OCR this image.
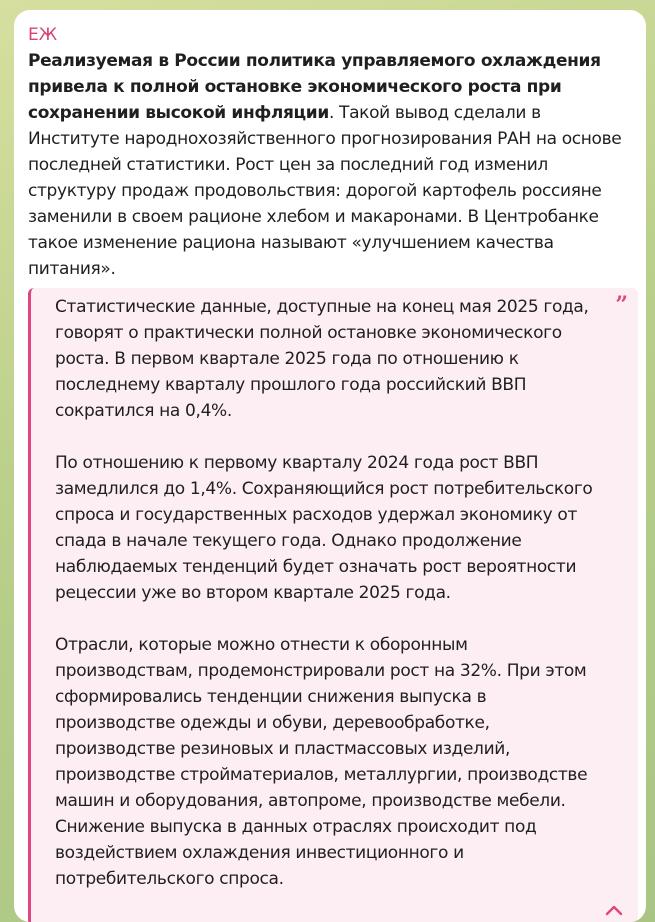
ЕЖ

Реализуемая в России политика управляемого охлаждения привела к полной остановке экономического роста при сохранении высокой инфляции. Такой вывод сделали в Институте народнохозяйственного прогнозирования РАН на основе последней статистики. Рост цен за последний год изменил структуру продаж продовольствия: дорогой картофель россияне заменили в своем рационе хлебом и макаронами. В Центробанке такое изменение рациона называют «улучшением качества питания».

”

Статистические данные, доступные на конец мая 2025 года, говорят о практически полной остановке экономического роста. В первом квартале 2025 года по отношению к последнему кварталу прошлого года российский ВВП сократился на 0,4%.

По отношению к первому кварталу 2024 года рост ВВП замедлился до 1,4%. Сохраняющийся рост потребительского спроса и государственных расходов удержал экономику от спада в начале текущего года. Однако продолжение наблюдаемых тенденций будет означать рост вероятности рецессии уже во втором квартале 2025 года.

Отрасли, которые можно отнести к оборонным производствам, продемонстрировали рост на 32%. При этом сформировались тенденции снижения выпуска в производстве одежды и обуви, деревообработке, производстве резиновых и пластмассовых изделий, производстве стройматериалов, металлургии, производстве машин и оборудования, автопроме, производстве мебели. Снижение выпуска в данных отраслях происходит под воздействием охлаждения инвестиционного и потребительского спроса.
